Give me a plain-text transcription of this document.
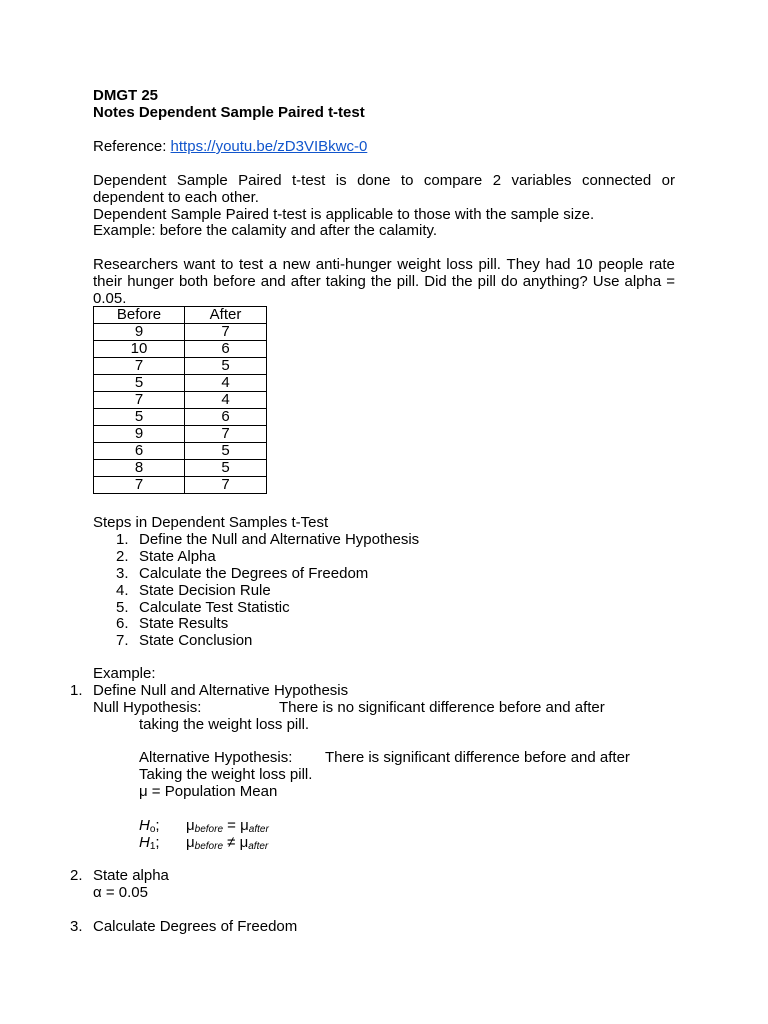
DMGT 25
Notes Dependent Sample Paired t-test
Reference: https://youtu.be/zD3VIBkwc-0
Dependent Sample Paired t-test is done to compare 2 variables connected or
dependent to each other.
Dependent Sample Paired t-test is applicable to those with the sample size.
Example: before the calamity and after the calamity.
Researchers want to test a new anti-hunger weight loss pill. They had 10 people rate
their hunger both before and after taking the pill. Did the pill do anything? Use alpha =
0.05.
Before	After
9	7
10	6
7	5
5	4
7	4
5	6
9	7
6	5
8	5
7	7
Steps in Dependent Samples t-Test
1. Define the Null and Alternative Hypothesis
2. State Alpha
3. Calculate the Degrees of Freedom
4. State Decision Rule
5. Calculate Test Statistic
6. State Results
7. State Conclusion
Example:
1. Define Null and Alternative Hypothesis
Null Hypothesis:	There is no significant difference before and after
taking the weight loss pill.
Alternative Hypothesis: There is significant difference before and after
Taking the weight loss pill.
μ = Population Mean
Ho; μbefore = μafter
H1; μbefore ≠ μafter
2. State alpha
α = 0.05
3. Calculate Degrees of Freedom
